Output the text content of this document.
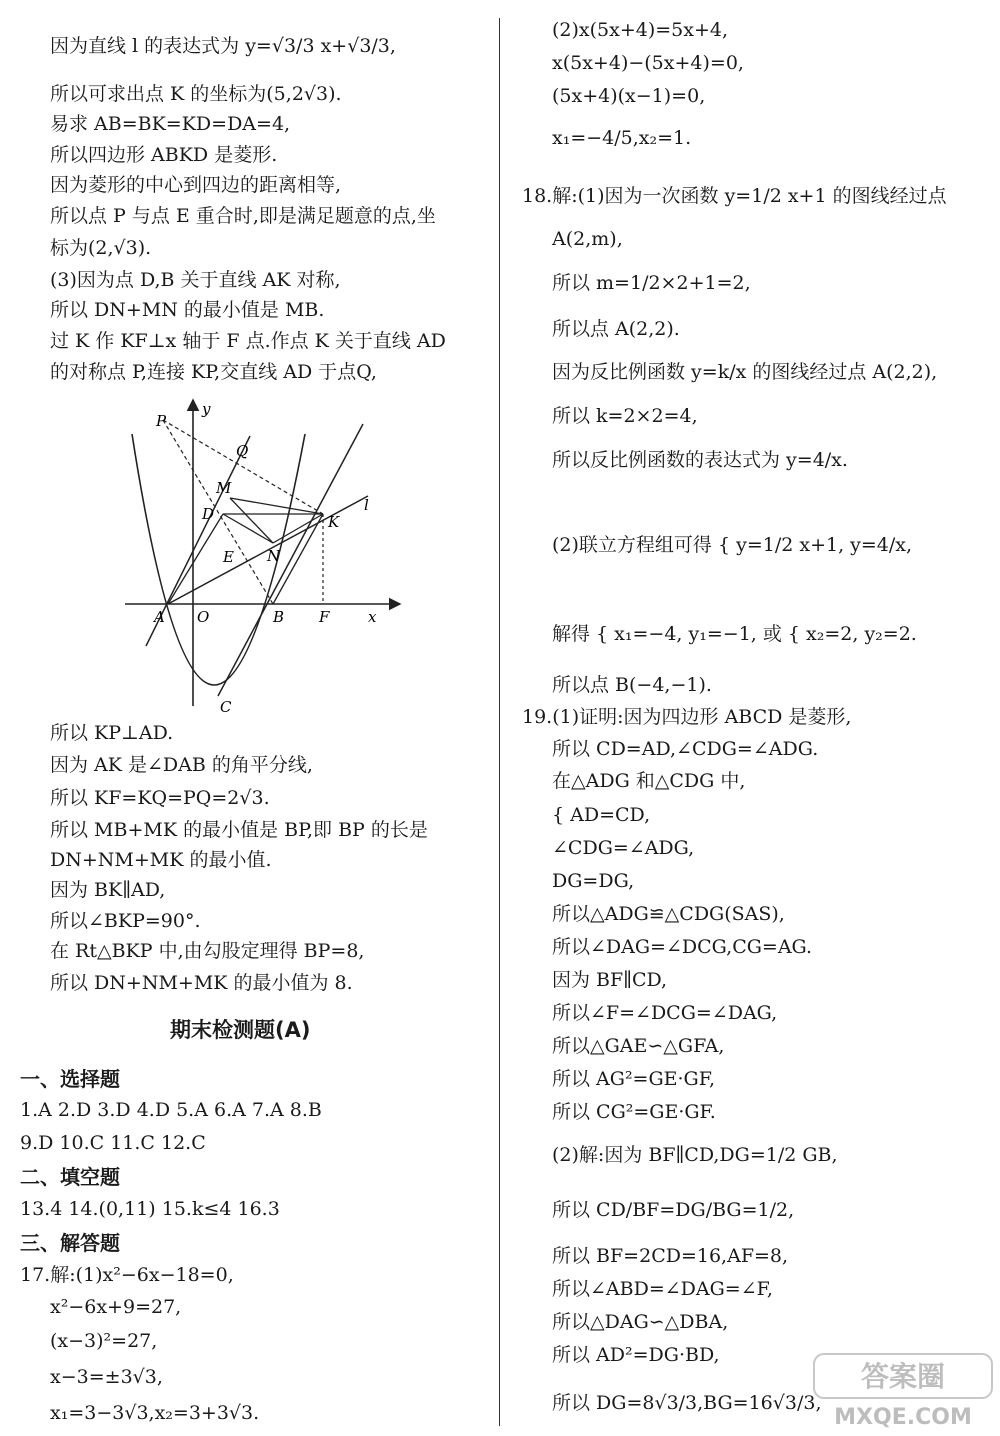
因为直线 l 的表达式为 y=√3/3 x+√3/3,
所以可求出点 K 的坐标为(5,2√3).
易求 AB=BK=KD=DA=4,
所以四边形 ABKD 是菱形.
因为菱形的中心到四边的距离相等,
所以点 P 与点 E 重合时,即是满足题意的点,坐
标为(2,√3).
(3)因为点 D,B 关于直线 AK 对称,
所以 DN+MN 的最小值是 MB.
过 K 作 KF⊥x 轴于 F 点.作点 K 关于直线 AD
的对称点 P,连接 KP,交直线 AD 于点Q,
y
P
Q
M
D
E N
K
l
A O	B F	x
C
所以 KP⊥AD.
因为 AK 是∠DAB 的角平分线,
所以 KF=KQ=PQ=2√3.
所以 MB+MK 的最小值是 BP,即 BP 的长是
DN+NM+MK 的最小值.
因为 BK∥AD,
所以∠BKP=90°.
在 Rt△BKP 中,由勾股定理得 BP=8,
所以 DN+NM+MK 的最小值为 8.
期末检测题(A)
一、选择题
1.A 2.D 3.D 4.D 5.A 6.A 7.A 8.B
9.D 10.C 11.C 12.C
二、填空题
13.4 14.(0,11) 15.k≤4 16.3
三、解答题
17.解:(1)x²−6x−18=0,
x²−6x+9=27,
(x−3)²=27,
x−3=±3√3,
x₁=3−3√3,x₂=3+3√3.
(2)x(5x+4)=5x+4,
x(5x+4)−(5x+4)=0,
(5x+4)(x−1)=0,
x₁=−4/5,x₂=1.
18.解:(1)因为一次函数 y=1/2 x+1 的图线经过点
A(2,m),
所以 m=1/2×2+1=2,
所以点 A(2,2).
因为反比例函数 y=k/x 的图线经过点 A(2,2),
所以 k=2×2=4,
所以反比例函数的表达式为 y=4/x.
(2)联立方程组可得 { y=1/2 x+1, y=4/x,
解得 { x₁=−4, y₁=−1, 或 { x₂=2, y₂=2.
所以点 B(−4,−1).
19.(1)证明:因为四边形 ABCD 是菱形,
所以 CD=AD,∠CDG=∠ADG.
在△ADG 和△CDG 中,
{ AD=CD,
∠CDG=∠ADG,
DG=DG,
所以△ADG≌△CDG(SAS),
所以∠DAG=∠DCG,CG=AG.
因为 BF∥CD,
所以∠F=∠DCG=∠DAG,
所以△GAE∽△GFA,
所以 AG²=GE·GF,
所以 CG²=GE·GF.
(2)解:因为 BF∥CD,DG=1/2 GB,
所以 CD/BF=DG/BG=1/2,
所以 BF=2CD=16,AF=8,
所以∠ABD=∠DAG=∠F,
所以△DAG∽△DBA,
所以 AD²=DG·BD,
所以 DG=8√3/3,BG=16√3/3,
答案圈
MXQE.COM
